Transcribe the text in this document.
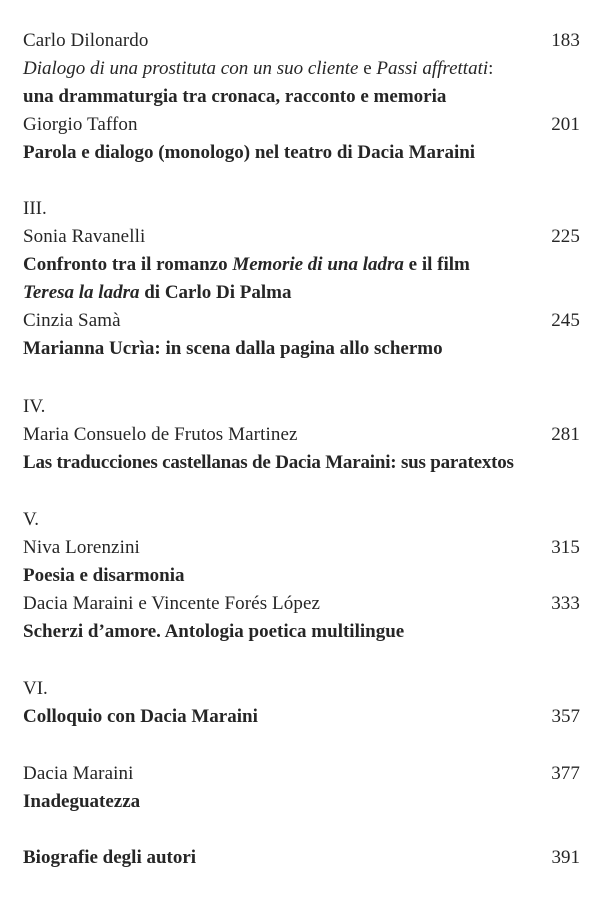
Carlo Dilonardo	183
Dialogo di una prostituta con un suo cliente e Passi affrettati:
una drammaturgia tra cronaca, racconto e memoria
Giorgio Taffon	201
Parola e dialogo (monologo) nel teatro di Dacia Maraini
III.
Sonia Ravanelli	225
Confronto tra il romanzo Memorie di una ladra e il film
Teresa la ladra di Carlo Di Palma
Cinzia Samà	245
Marianna Ucrìa: in scena dalla pagina allo schermo
IV.
Maria Consuelo de Frutos Martinez	281
Las traducciones castellanas de Dacia Maraini: sus paratextos
V.
Niva Lorenzini	315
Poesia e disarmonia
Dacia Maraini e Vincente Forés López	333
Scherzi d’amore. Antologia poetica multilingue
VI.
Colloquio con Dacia Maraini	357
Dacia Maraini	377
Inadeguatezza
Biografie degli autori	391
